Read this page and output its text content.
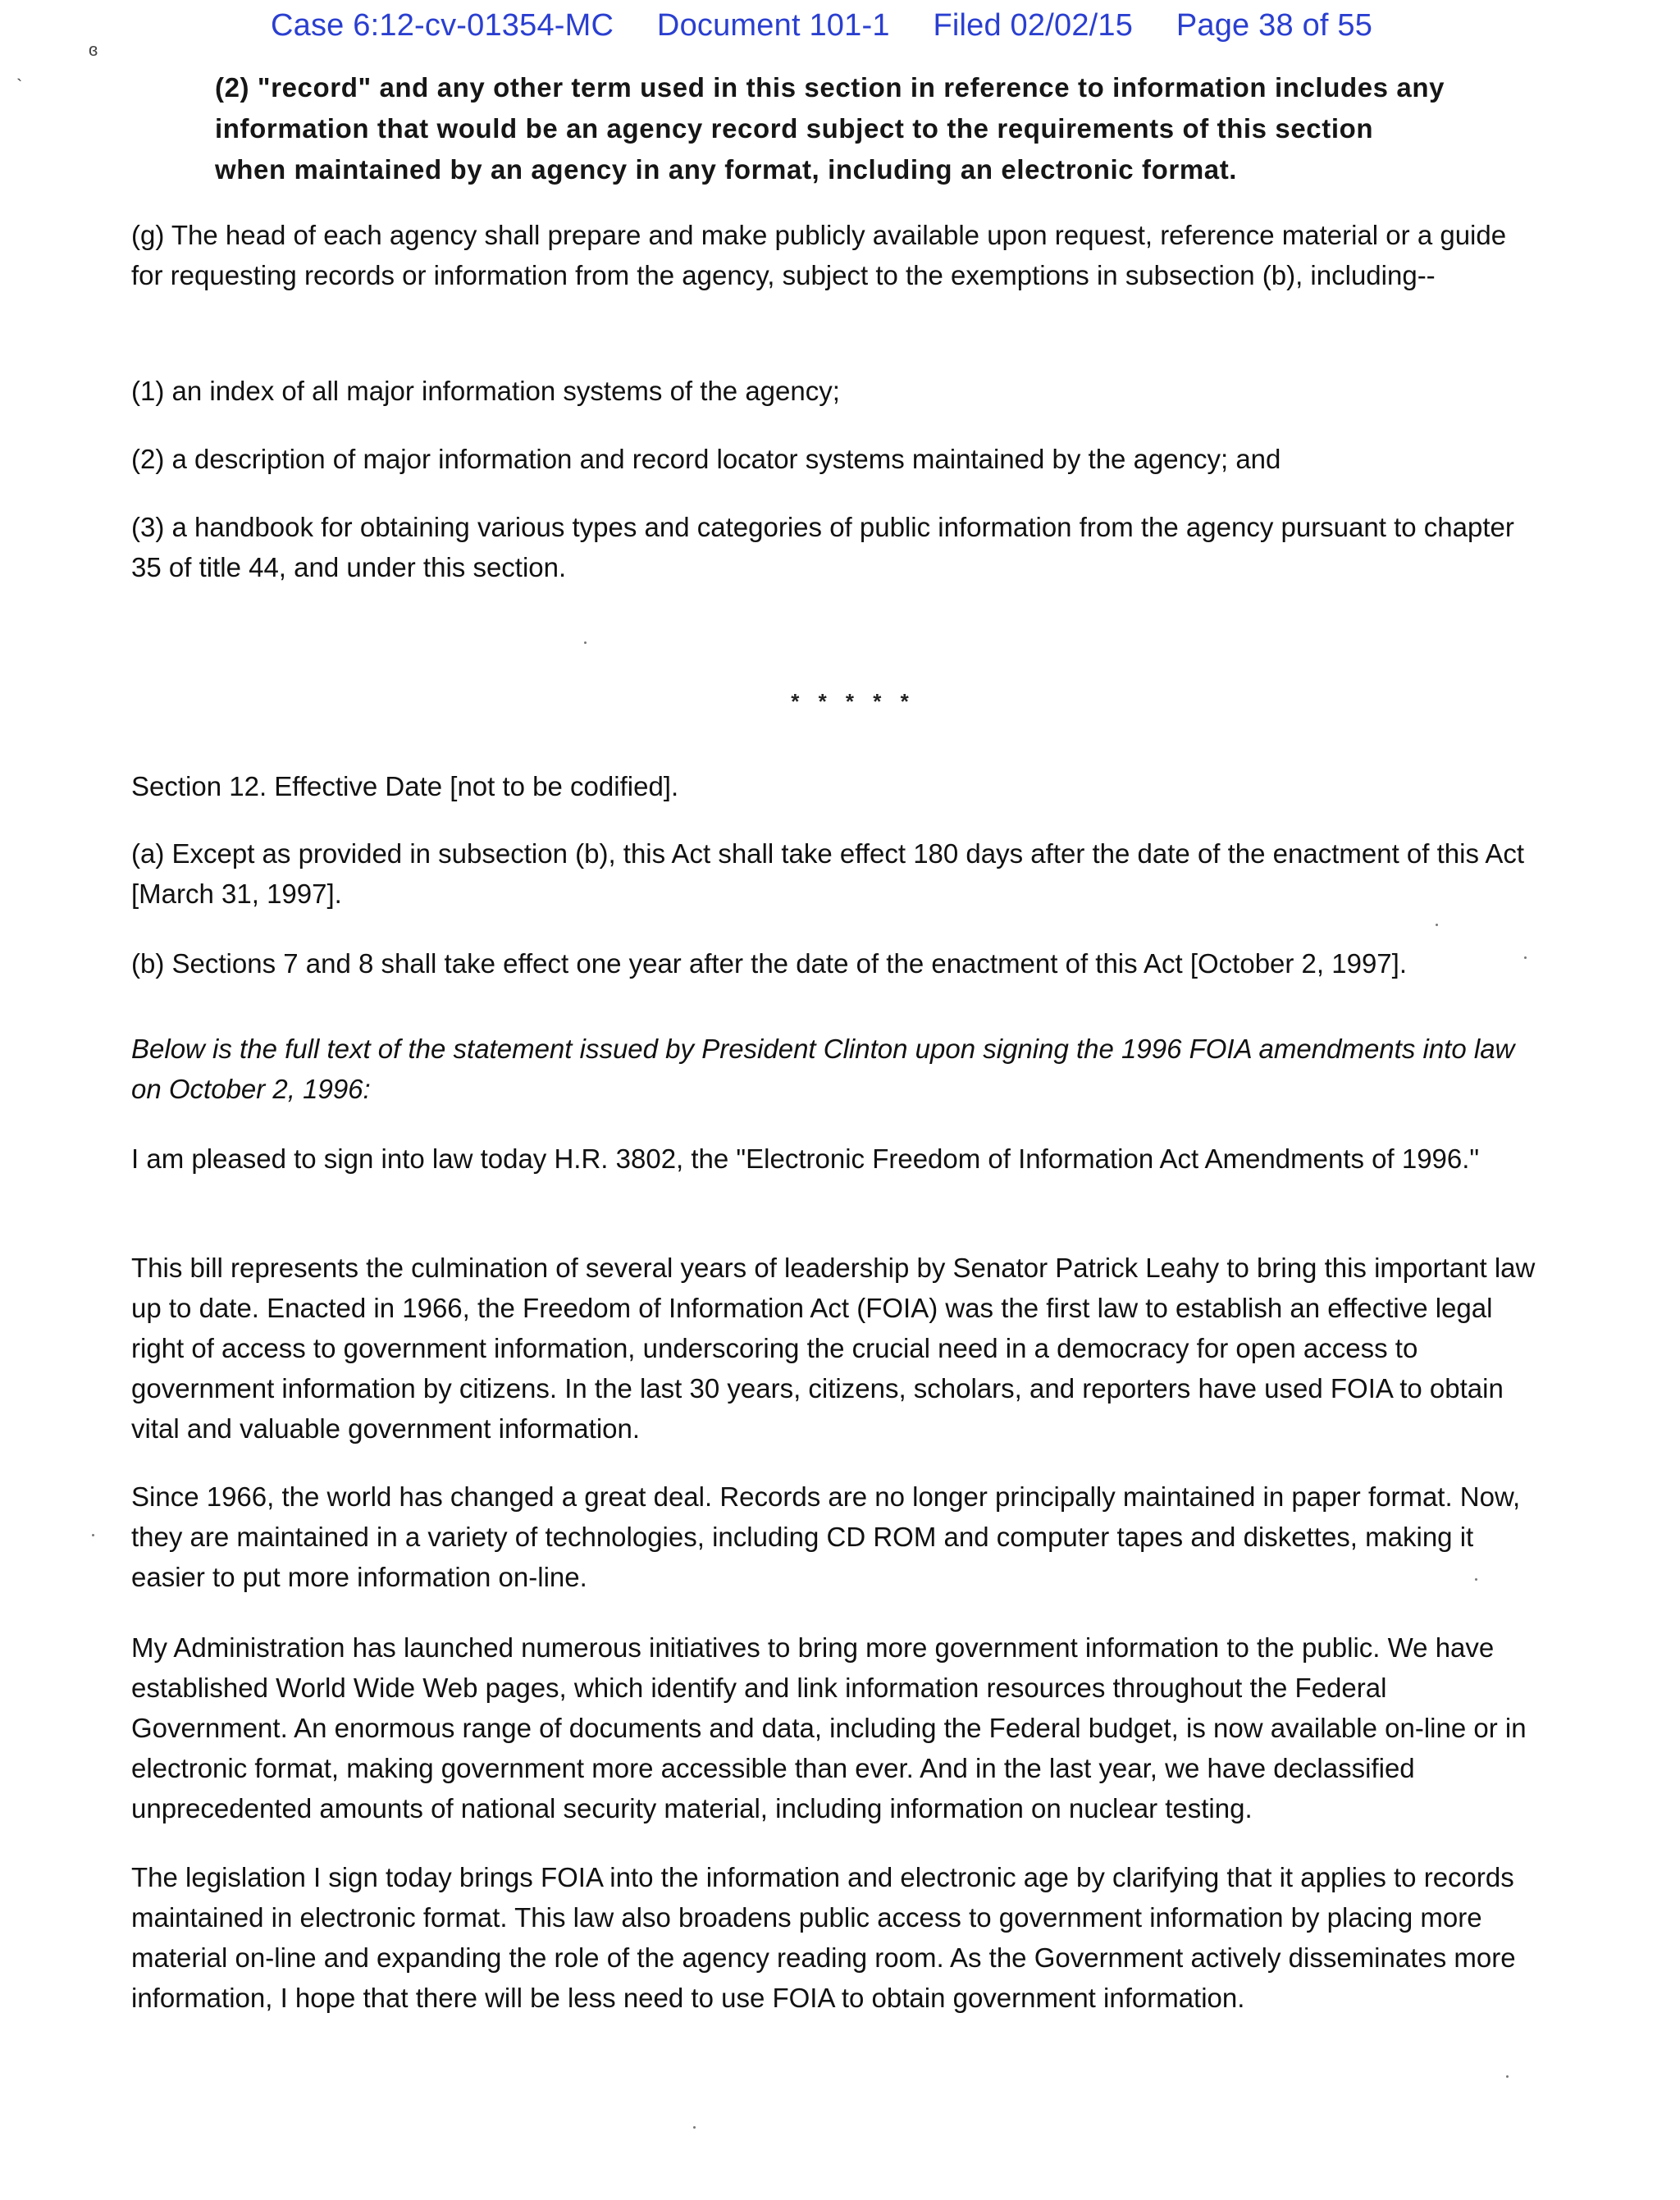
Case 6:12-cv-01354-MC Document 101-1 Filed 02/02/15 Page 38 of 55
ɞ
`	(2) "record" and any other term used in this section in reference to information includes any information that would be an agency record subject to the requirements of this section when maintained by an agency in any format, including an electronic format.
(g) The head of each agency shall prepare and make publicly available upon request, reference material or a guide for requesting records or information from the agency, subject to the exemptions in subsection (b), including--
(1) an index of all major information systems of the agency;
(2) a description of major information and record locator systems maintained by the agency; and
(3) a handbook for obtaining various types and categories of public information from the agency pursuant to chapter 35 of title 44, and under this section.
* * * * *
Section 12. Effective Date [not to be codified].
(a) Except as provided in subsection (b), this Act shall take effect 180 days after the date of the enactment of this Act [March 31, 1997].
(b) Sections 7 and 8 shall take effect one year after the date of the enactment of this Act [October 2, 1997].
Below is the full text of the statement issued by President Clinton upon signing the 1996 FOIA amendments into law on October 2, 1996:
I am pleased to sign into law today H.R. 3802, the "Electronic Freedom of Information Act Amendments of 1996."
This bill represents the culmination of several years of leadership by Senator Patrick Leahy to bring this important law up to date. Enacted in 1966, the Freedom of Information Act (FOIA) was the first law to establish an effective legal right of access to government information, underscoring the crucial need in a democracy for open access to government information by citizens. In the last 30 years, citizens, scholars, and reporters have used FOIA to obtain vital and valuable government information.
Since 1966, the world has changed a great deal. Records are no longer principally maintained in paper format. Now, they are maintained in a variety of technologies, including CD ROM and computer tapes and diskettes, making it easier to put more information on-line.
My Administration has launched numerous initiatives to bring more government information to the public. We have established World Wide Web pages, which identify and link information resources throughout the Federal Government. An enormous range of documents and data, including the Federal budget, is now available on-line or in electronic format, making government more accessible than ever. And in the last year, we have declassified unprecedented amounts of national security material, including information on nuclear testing.
The legislation I sign today brings FOIA into the information and electronic age by clarifying that it applies to records maintained in electronic format. This law also broadens public access to government information by placing more material on-line and expanding the role of the agency reading room. As the Government actively disseminates more information, I hope that there will be less need to use FOIA to obtain government information.
